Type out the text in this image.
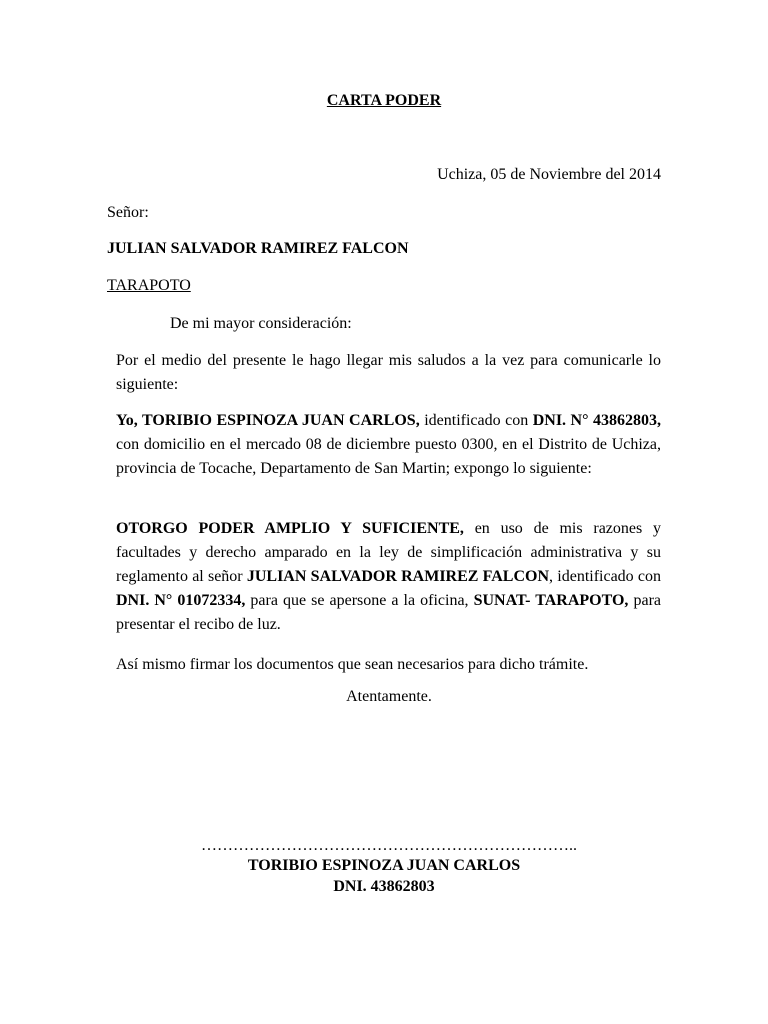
CARTA PODER
Uchiza, 05 de Noviembre del 2014
Señor:
JULIAN SALVADOR RAMIREZ FALCON
TARAPOTO
De mi mayor consideración:
Por el medio del presente le hago llegar mis saludos a la vez para comunicarle lo siguiente:
Yo, TORIBIO ESPINOZA JUAN CARLOS, identificado con DNI. N° 43862803, con domicilio en el mercado 08 de diciembre puesto 0300, en el Distrito de Uchiza, provincia de Tocache, Departamento de San Martin; expongo lo siguiente:
OTORGO PODER AMPLIO Y SUFICIENTE, en uso de mis razones y facultades y derecho amparado en la ley de simplificación administrativa y su reglamento al señor JULIAN SALVADOR RAMIREZ FALCON, identificado con DNI. N° 01072334, para que se apersone a la oficina, SUNAT- TARAPOTO, para presentar el recibo de luz.
Así mismo firmar los documentos que sean necesarios para dicho trámite.
Atentamente.
……………………………………………………………..
TORIBIO ESPINOZA JUAN CARLOS
DNI. 43862803
